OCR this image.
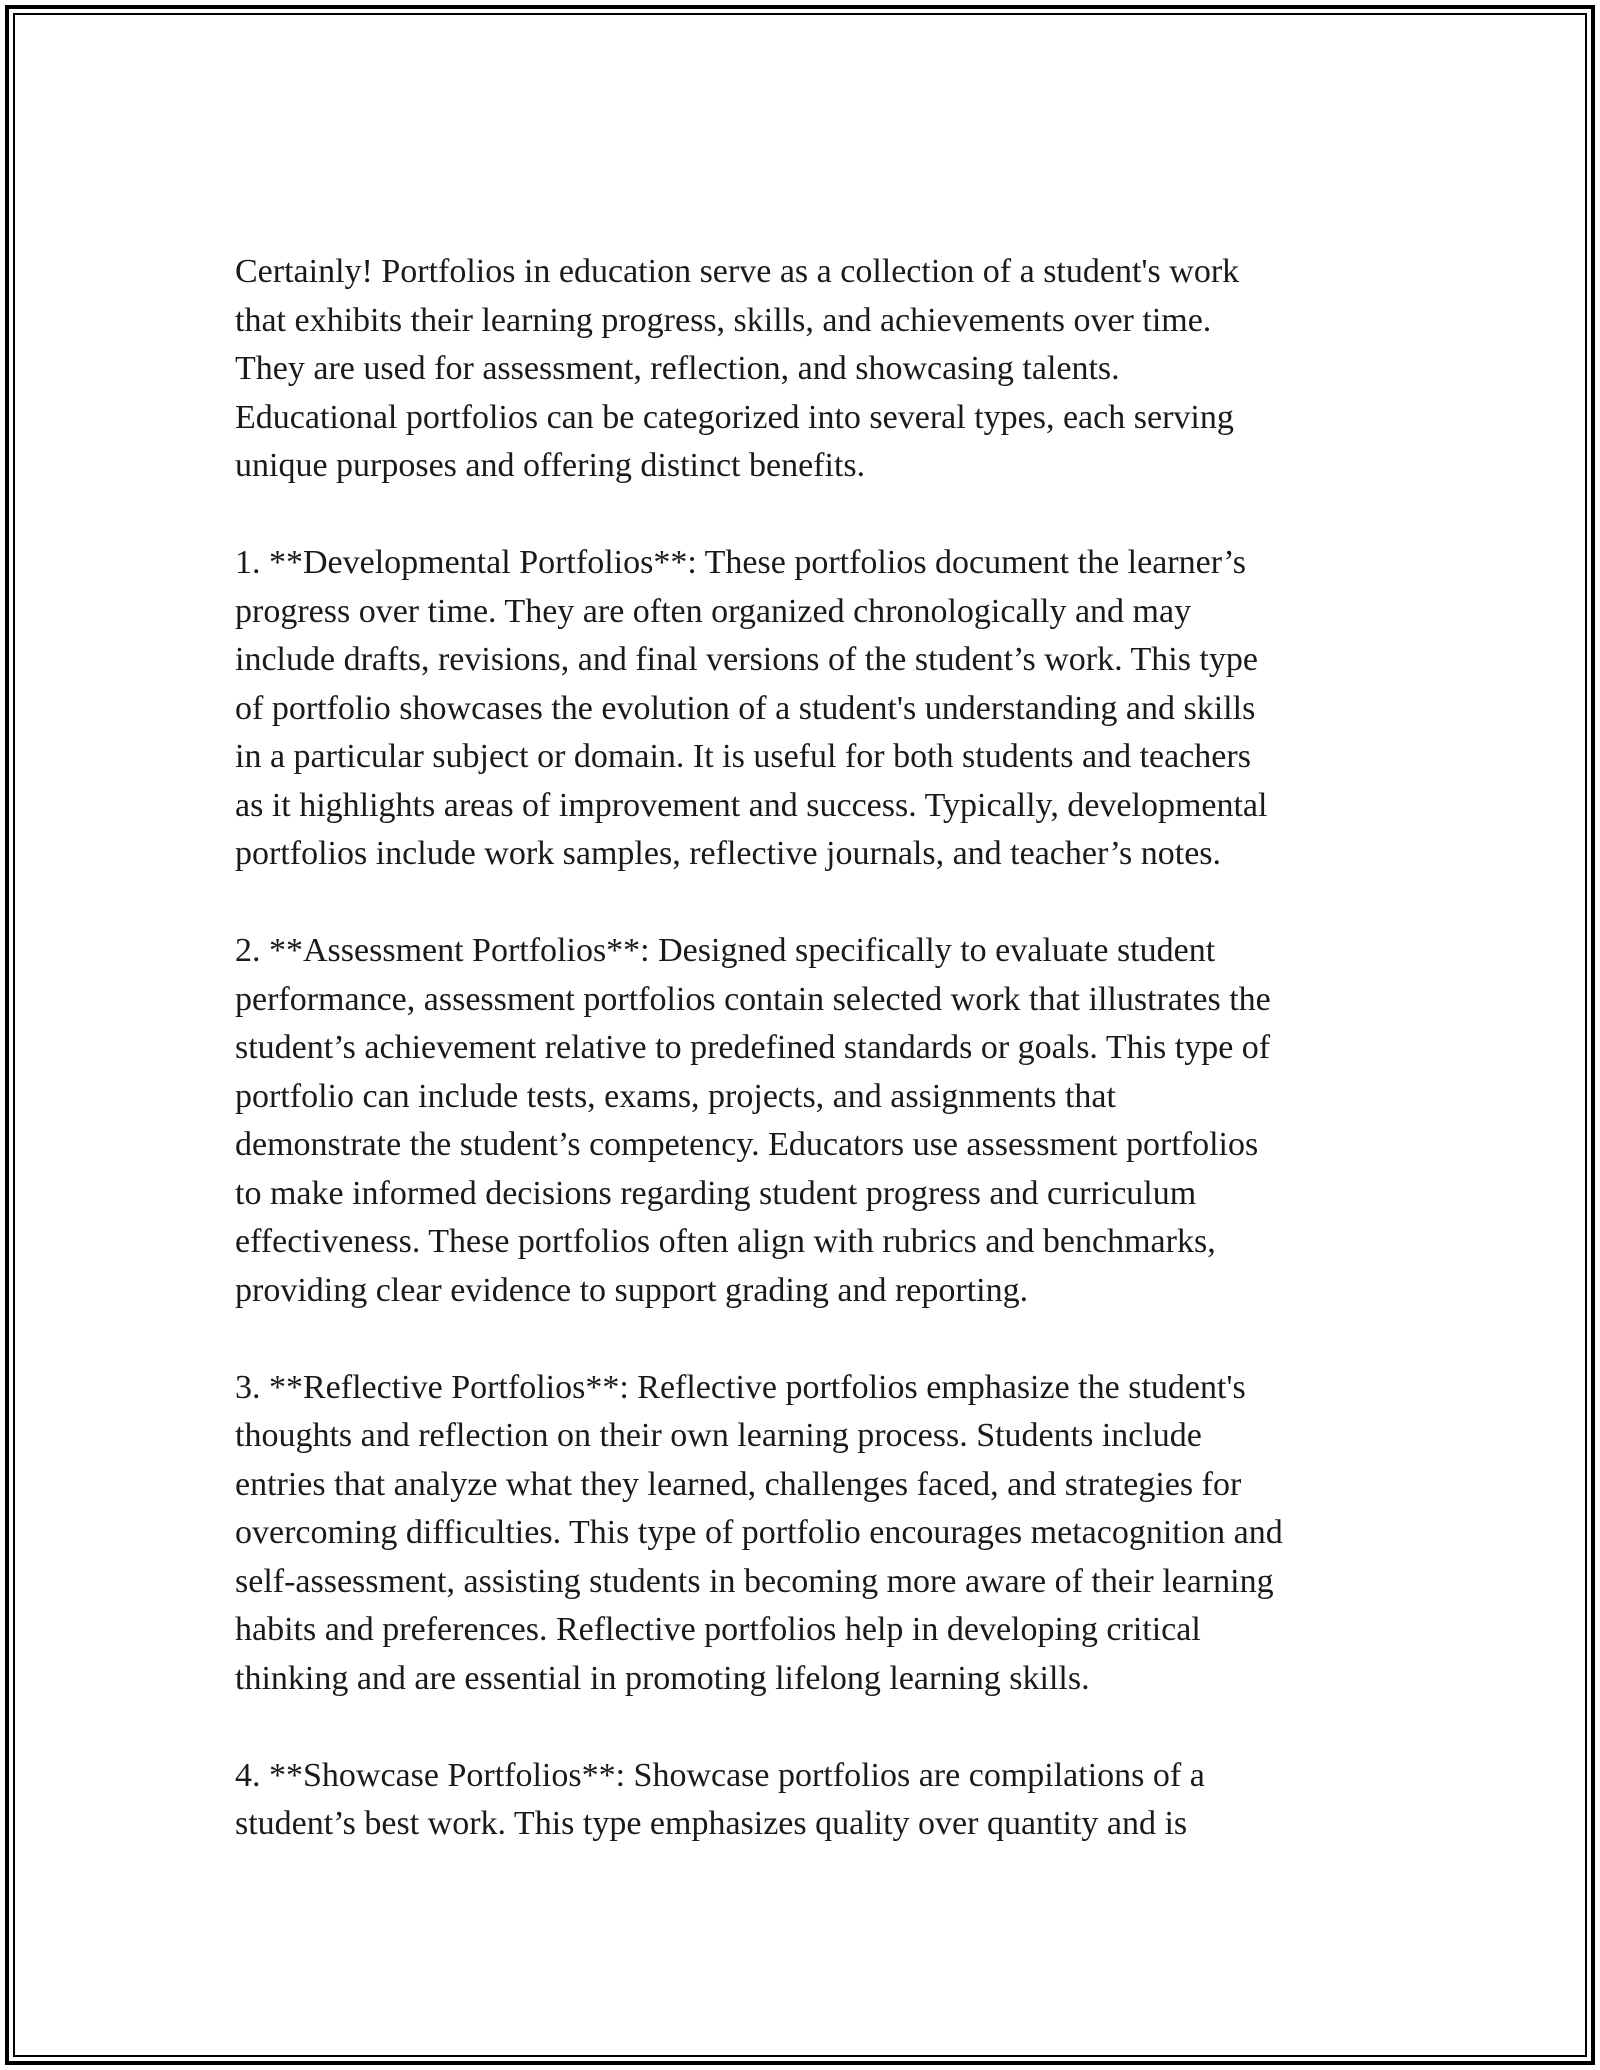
Certainly! Portfolios in education serve as a collection of a student's work
that exhibits their learning progress, skills, and achievements over time.
They are used for assessment, reflection, and showcasing talents.
Educational portfolios can be categorized into several types, each serving
unique purposes and offering distinct benefits.

1. **Developmental Portfolios**: These portfolios document the learner’s
progress over time. They are often organized chronologically and may
include drafts, revisions, and final versions of the student’s work. This type
of portfolio showcases the evolution of a student's understanding and skills
in a particular subject or domain. It is useful for both students and teachers
as it highlights areas of improvement and success. Typically, developmental
portfolios include work samples, reflective journals, and teacher’s notes.

2. **Assessment Portfolios**: Designed specifically to evaluate student
performance, assessment portfolios contain selected work that illustrates the
student’s achievement relative to predefined standards or goals. This type of
portfolio can include tests, exams, projects, and assignments that
demonstrate the student’s competency. Educators use assessment portfolios
to make informed decisions regarding student progress and curriculum
effectiveness. These portfolios often align with rubrics and benchmarks,
providing clear evidence to support grading and reporting.

3. **Reflective Portfolios**: Reflective portfolios emphasize the student's
thoughts and reflection on their own learning process. Students include
entries that analyze what they learned, challenges faced, and strategies for
overcoming difficulties. This type of portfolio encourages metacognition and
self-assessment, assisting students in becoming more aware of their learning
habits and preferences. Reflective portfolios help in developing critical
thinking and are essential in promoting lifelong learning skills.

4. **Showcase Portfolios**: Showcase portfolios are compilations of a
student’s best work. This type emphasizes quality over quantity and is
